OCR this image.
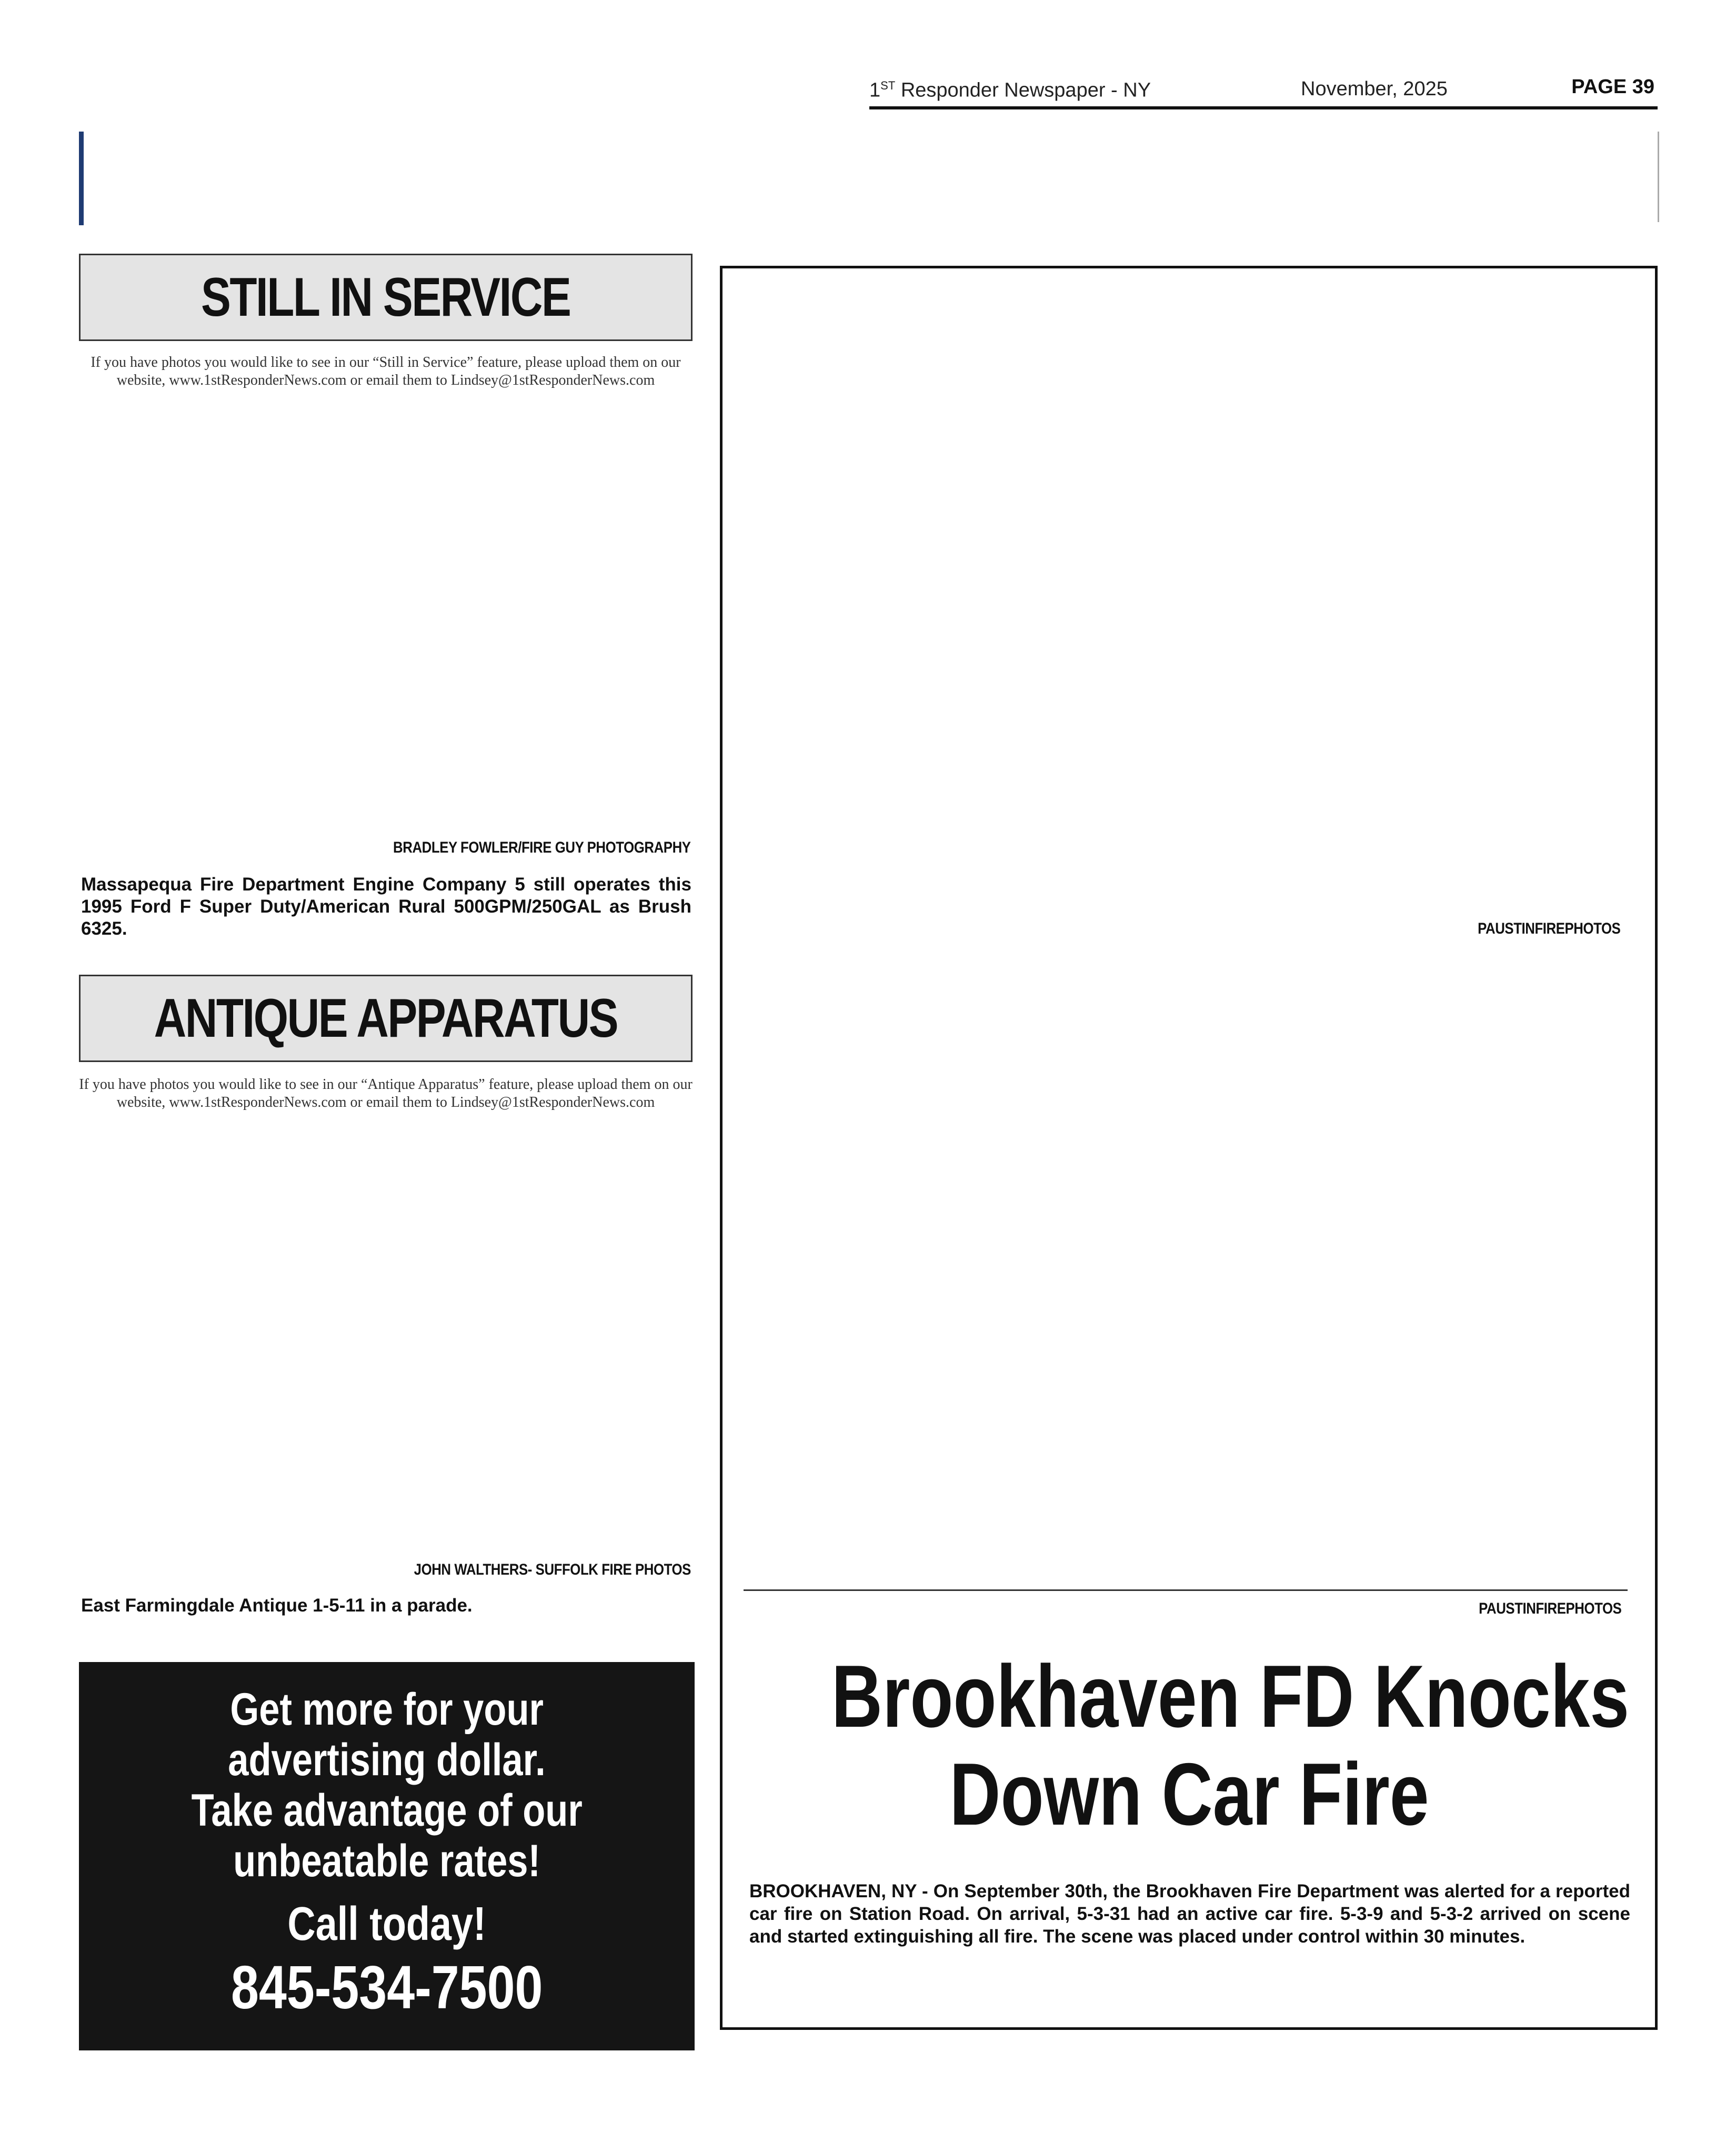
1ST Responder Newspaper - NY	November, 2025	PAGE 39
STILL IN SERVICE
If you have photos you would like to see in our “Still in Service” feature, please upload them on our website, www.1stResponderNews.com or email them to Lindsey@1stResponderNews.com
BRADLEY FOWLER/FIRE GUY PHOTOGRAPHY
Massapequa Fire Department Engine Company 5 still operates this 1995 Ford F Super Duty/American Rural 500GPM/250GAL as Brush 6325.
ANTIQUE APPARATUS
If you have photos you would like to see in our “Antique Apparatus” feature, please upload them on our website, www.1stResponderNews.com or email them to Lindsey@1stResponderNews.com
JOHN WALTHERS- SUFFOLK FIRE PHOTOS
East Farmingdale Antique 1-5-11 in a parade.
Get more for your
advertising dollar.
Take advantage of our
unbeatable rates!
Call today!
845-534-7500
PAUSTINFIREPHOTOS
PAUSTINFIREPHOTOS
Brookhaven FD Knocks
Down Car Fire
BROOKHAVEN, NY - On September 30th, the Brookhaven Fire Department was alerted for a reported car fire on Station Road. On arrival, 5-3-31 had an active car fire. 5-3-9 and 5-3-2 arrived on scene and started extinguishing all fire. The scene was placed under control within 30 minutes.
